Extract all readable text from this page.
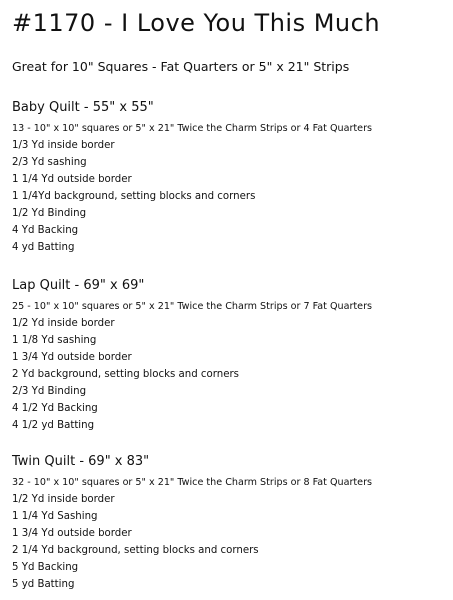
#1170 - I Love You This Much
Great for 10" Squares - Fat Quarters or 5" x 21" Strips
Baby Quilt - 55" x 55"
13 - 10" x 10" squares or 5" x 21" Twice the Charm Strips or 4 Fat Quarters
1/3 Yd inside border
2/3 Yd sashing
1 1/4 Yd outside border
1 1/4Yd background, setting blocks and corners
1/2 Yd Binding
4 Yd Backing
4 yd Batting
Lap Quilt - 69" x 69"
25 - 10" x 10" squares or 5" x 21" Twice the Charm Strips or 7 Fat Quarters
1/2 Yd inside border
1 1/8 Yd sashing
1 3/4 Yd outside border
2 Yd background, setting blocks and corners
2/3 Yd Binding
4 1/2 Yd Backing
4 1/2 yd Batting
Twin Quilt - 69" x 83"
32 - 10" x 10" squares or 5" x 21" Twice the Charm Strips or 8 Fat Quarters
1/2 Yd inside border
1 1/4 Yd Sashing
1 3/4 Yd outside border
2 1/4 Yd background, setting blocks and corners
5 Yd Backing
5 yd Batting
